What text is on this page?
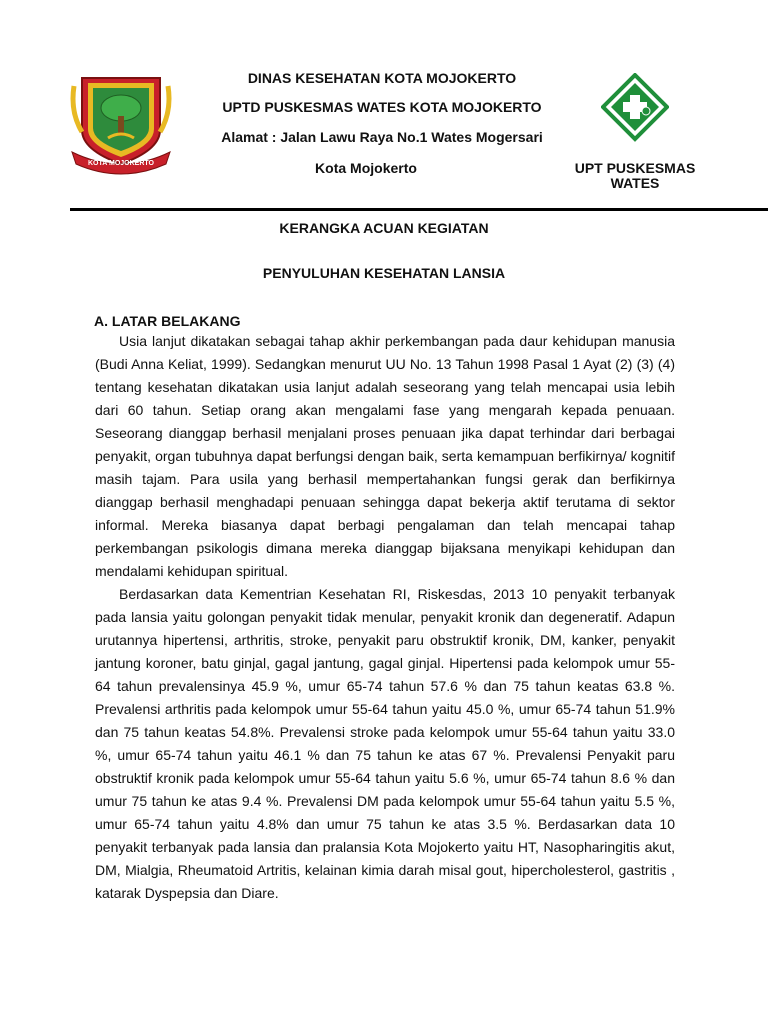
KOTA MOJOKERTO
DINAS KESEHATAN KOTA MOJOKERTO
UPTD PUSKESMAS WATES KOTA MOJOKERTO
Alamat : Jalan Lawu Raya No.1 Wates Mogersari
Kota Mojokerto	UPT PUSKESMAS WATES
KERANGKA ACUAN KEGIATAN
PENYULUHAN KESEHATAN LANSIA
A. LATAR BELAKANG

Usia lanjut dikatakan sebagai tahap akhir perkembangan pada daur kehidupan manusia (Budi Anna Keliat, 1999). Sedangkan menurut UU No. 13 Tahun 1998 Pasal 1 Ayat (2) (3) (4) tentang kesehatan dikatakan usia lanjut adalah seseorang yang telah mencapai usia lebih dari 60 tahun. Setiap orang akan mengalami fase yang mengarah kepada penuaan. Seseorang dianggap berhasil menjalani proses penuaan jika dapat terhindar dari berbagai penyakit, organ tubuhnya dapat berfungsi dengan baik, serta kemampuan berfikirnya/ kognitif masih tajam. Para usila yang berhasil mempertahankan fungsi gerak dan berfikirnya dianggap berhasil menghadapi penuaan sehingga dapat bekerja aktif terutama di sektor informal. Mereka biasanya dapat berbagi pengalaman dan telah mencapai tahap perkembangan psikologis dimana mereka dianggap bijaksana menyikapi kehidupan dan mendalami kehidupan spiritual.

Berdasarkan data Kementrian Kesehatan RI, Riskesdas, 2013 10 penyakit terbanyak pada lansia yaitu golongan penyakit tidak menular, penyakit kronik dan degeneratif. Adapun urutannya hipertensi, arthritis, stroke, penyakit paru obstruktif kronik, DM, kanker, penyakit jantung koroner, batu ginjal, gagal jantung, gagal ginjal. Hipertensi pada kelompok umur 55-64 tahun prevalensinya 45.9 %, umur 65-74 tahun 57.6 % dan 75 tahun keatas 63.8 %. Prevalensi arthritis pada kelompok umur 55-64 tahun yaitu 45.0 %, umur 65-74 tahun 51.9% dan 75 tahun keatas 54.8%. Prevalensi stroke pada kelompok umur 55-64 tahun yaitu 33.0 %, umur 65-74 tahun yaitu 46.1 % dan 75 tahun ke atas 67 %. Prevalensi Penyakit paru obstruktif kronik pada kelompok umur 55-64 tahun yaitu 5.6 %, umur 65-74 tahun 8.6 % dan umur 75 tahun ke atas 9.4 %. Prevalensi DM pada kelompok umur 55-64 tahun yaitu 5.5 %, umur 65-74 tahun yaitu 4.8% dan umur 75 tahun ke atas 3.5 %. Berdasarkan data 10 penyakit terbanyak pada lansia dan pralansia Kota Mojokerto yaitu HT, Nasopharingitis akut, DM, Mialgia, Rheumatoid Artritis, kelainan kimia darah misal gout, hipercholesterol, gastritis , katarak Dyspepsia dan Diare.
